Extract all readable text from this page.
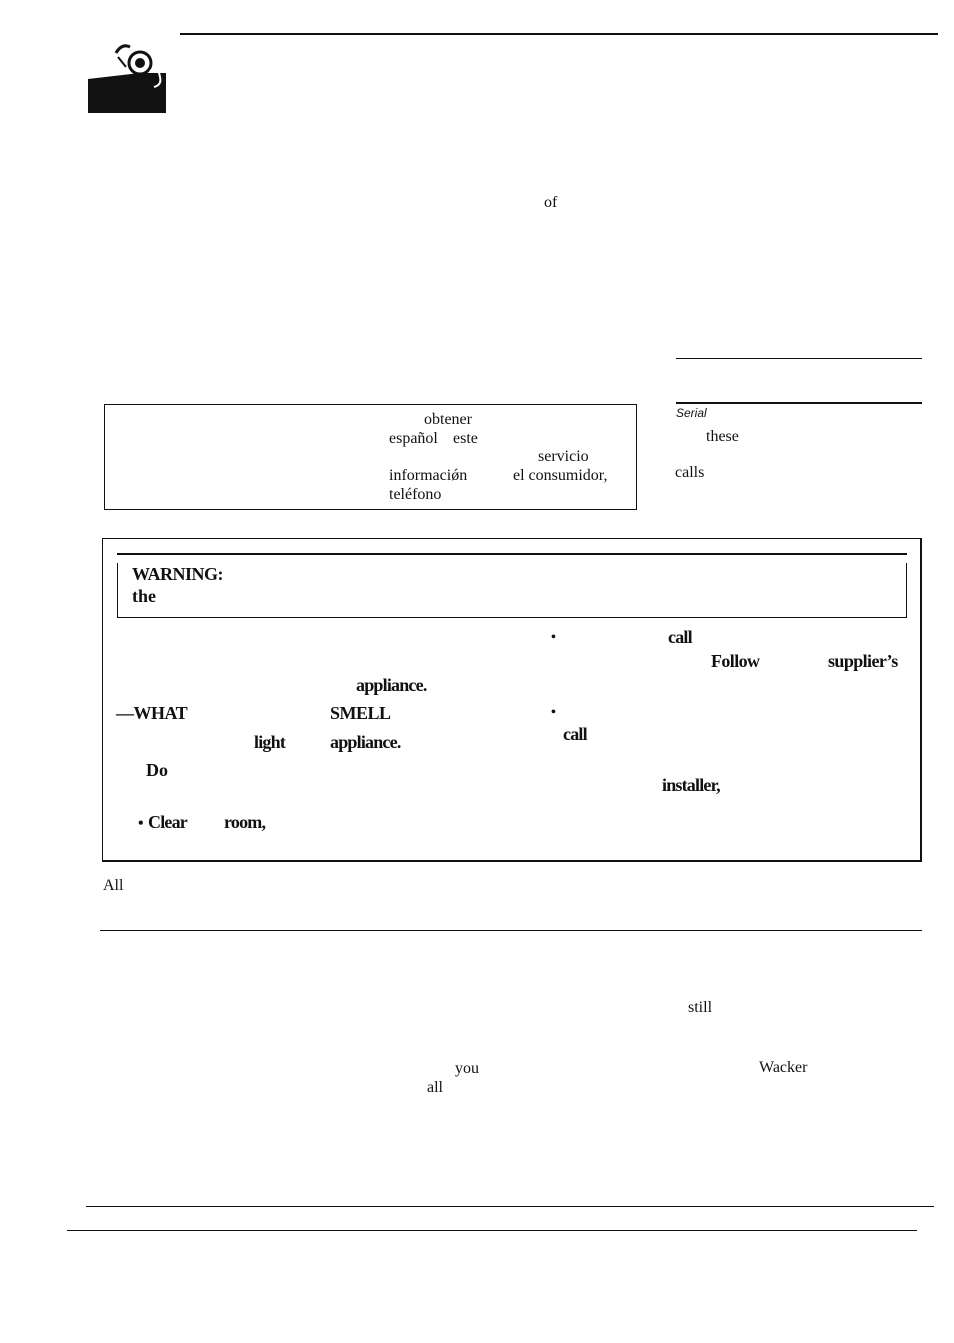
of
obtener
español este
servicio
informaciǿn	el consumidor,
teléfono
Serial
these
calls
WARNING:
the
appliance.
—WHAT	SMELL
light appliance.
Do
• Clear room,
•	call
Follow	supplier’s
•
call
installer,
All
still
you	Wacker
all
